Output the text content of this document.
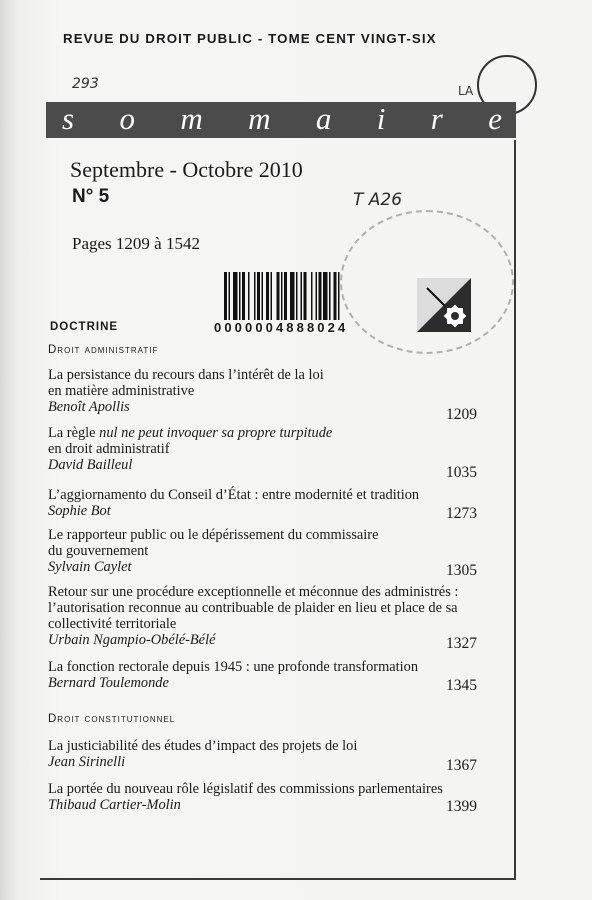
REVUE DU DROIT PUBLIC - TOME CENT VINGT-SIX
293	LA
s o m m a i r e
Septembre - Octobre 2010
N° 5	T A26
Pages 1209 à 1542
0000004888024
DOCTRINE
Droit administratif
La persistance du recours dans l’intérêt de la loi
en matière administrative
Benoît Apollis	1209
La règle nul ne peut invoquer sa propre turpitude
en droit administratif
David Bailleul	1035
L’aggiornamento du Conseil d’État : entre modernité et tradition
Sophie Bot	1273
Le rapporteur public ou le dépérissement du commissaire
du gouvernement
Sylvain Caylet	1305
Retour sur une procédure exceptionnelle et méconnue des administrés :
l’autorisation reconnue au contribuable de plaider en lieu et place de sa
collectivité territoriale
Urbain Ngampio-Obélé-Bélé	1327
La fonction rectorale depuis 1945 : une profonde transformation
Bernard Toulemonde	1345
Droit constitutionnel
La justiciabilité des études d’impact des projets de loi
Jean Sirinelli	1367
La portée du nouveau rôle législatif des commissions parlementaires
Thibaud Cartier-Molin	1399
